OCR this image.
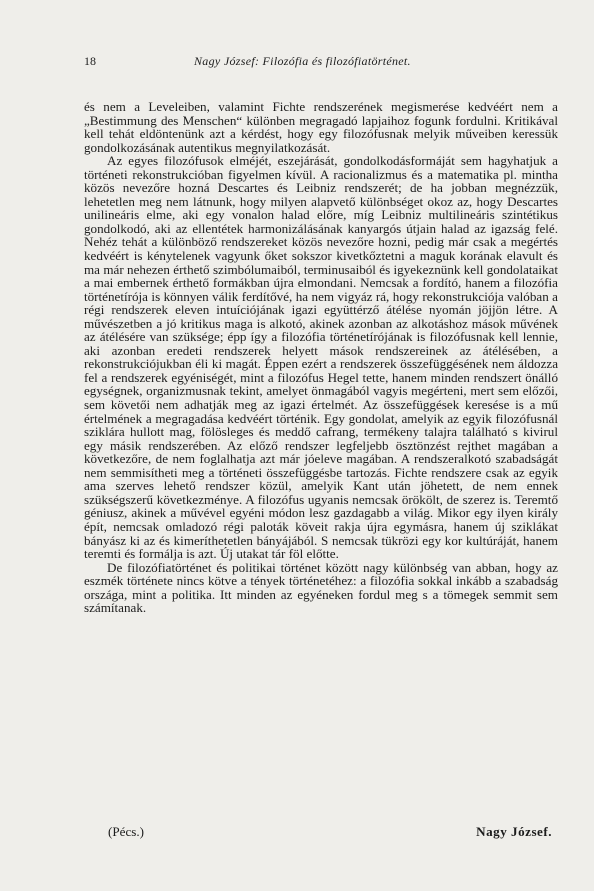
18	Nagy József: Filozófia és filozófiatörténet.

és nem a Leveleiben, valamint Fichte rendszerének megismerése kedvéért nem a „Bestimmung des Menschen“ különben megragadó lapjaihoz fogunk fordulni. Kritikával kell tehát eldöntenünk azt a kérdést, hogy egy filozófusnak melyik műveiben keressük gondolkozásának autentikus megnyilatkozását.

Az egyes filozófusok elméjét, eszejárását, gondolkodásformáját sem hagyhatjuk a történeti rekonstrukcióban figyelmen kívül. A racionalizmus és a matematika pl. mintha közös nevezőre hozná Descartes és Leibniz rendszerét; de ha jobban megnézzük, lehetetlen meg nem látnunk, hogy milyen alapvető különbséget okoz az, hogy Descartes unilineáris elme, aki egy vonalon halad előre, míg Leibniz multilineáris szintétikus gondolkodó, aki az ellentétek harmonizálásának kanyargós útjain halad az igazság felé. Nehéz tehát a különböző rendszereket közös nevezőre hozni, pedig már csak a megértés kedvéért is kénytelenek vagyunk őket sokszor kivetkőztetni a maguk korának elavult és ma már nehezen érthető szimbólumaiból, terminusaiból és igyekeznünk kell gondolataikat a mai embernek érthető formákban újra elmondani. Nemcsak a fordító, hanem a filozófia történetírója is könnyen válik ferdítővé, ha nem vigyáz rá, hogy rekonstrukciója valóban a régi rendszerek eleven intuíciójának igazi együttérző átélése nyomán jöjjön létre. A művészetben a jó kritikus maga is alkotó, akinek azonban az alkotáshoz mások művének az átélésére van szüksége; épp így a filozófia történetírójának is filozófusnak kell lennie, aki azonban eredeti rendszerek helyett mások rendszereinek az átélésében, a rekonstrukciójukban éli ki magát. Éppen ezért a rendszerek összefüggésének nem áldozza fel a rendszerek egyéniségét, mint a filozófus Hegel tette, hanem minden rendszert önálló egységnek, organizmusnak tekint, amelyet önmagából vagyis megérteni, mert sem előzői, sem követői nem adhatják meg az igazi értelmét. Az összefüggések keresése is a mű értelmének a megragadása kedvéért történik. Egy gondolat, amelyik az egyik filozófusnál sziklára hullott mag, fölösleges és meddő cafrang, termékeny talajra található s kivirul egy másik rendszerében. Az előző rendszer legfeljebb ösztönzést rejthet magában a következőre, de nem foglalhatja azt már jóeleve magában. A rendszeralkotó szabadságát nem semmisítheti meg a történeti összefüggésbe tartozás. Fichte rendszere csak az egyik ama szerves lehető rendszer közül, amelyik Kant után jöhetett, de nem ennek szükségszerű következménye. A filozófus ugyanis nemcsak örökölt, de szerez is. Teremtő géniusz, akinek a művével egyéni módon lesz gazdagabb a világ. Mikor egy ilyen király épít, nemcsak omladozó régi paloták köveit rakja újra egymásra, hanem új sziklákat bányász ki az és kimeríthetetlen bányájából. S nemcsak tükrözi egy kor kultúráját, hanem teremti és formálja is azt. Új utakat tár föl előtte.

De filozófiatörténet és politikai történet között nagy különbség van abban, hogy az eszmék története nincs kötve a tények történetéhez: a filozófia sokkal inkább a szabadság országa, mint a politika. Itt minden az egyéneken fordul meg s a tömegek semmit sem számítanak.

(Pécs.)	Nagy József.
